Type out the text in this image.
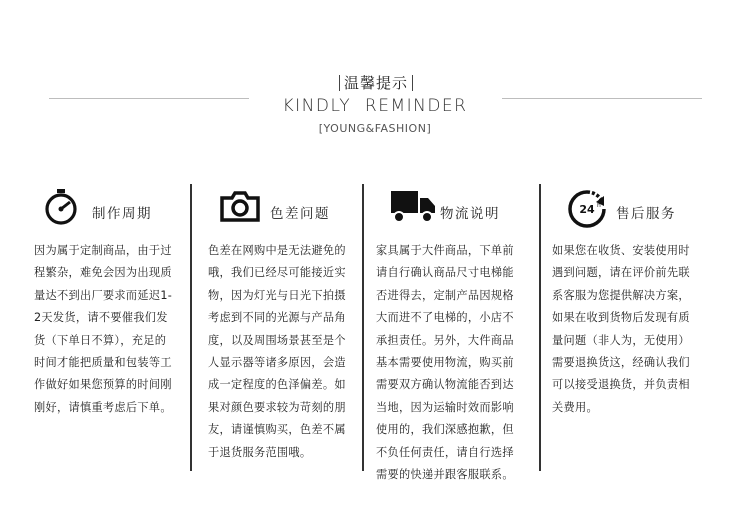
温馨提示
KINDLY  REMINDER
[YOUNG&FASHION]
制作周期
因为属于定制商品，由于过程繁杂，难免会因为出现质量达不到出厂要求而延迟1-2天发货，请不要催我们发货（下单日不算），充足的时间才能把质量和包装等工作做好如果您预算的时间刚刚好，请慎重考虑后下单。
色差问题
色差在网购中是无法避免的哦，我们已经尽可能接近实物，因为灯光与日光下拍摄考虑到不同的光源与产品角度，以及周围场景甚至是个人显示器等诸多原因，会造成一定程度的色泽偏差。如果对颜色要求较为苛刻的朋友，请谨慎购买，色差不属于退货服务范围哦。
物流说明
家具属于大件商品，下单前请自行确认商品尺寸电梯能否进得去，定制产品因规格大而进不了电梯的，小店不承担责任。另外，大件商品基本需要使用物流，购买前需要双方确认物流能否到达当地，因为运输时效而影响使用的，我们深感抱歉，但不负任何责任，请自行选择需要的快递并跟客服联系。
24 h
售后服务
如果您在收货、安装使用时遇到问题，请在评价前先联系客服为您提供解决方案，如果在收到货物后发现有质量问题（非人为，无使用）需要退换货这，经确认我们可以接受退换货，并负责相关费用。
